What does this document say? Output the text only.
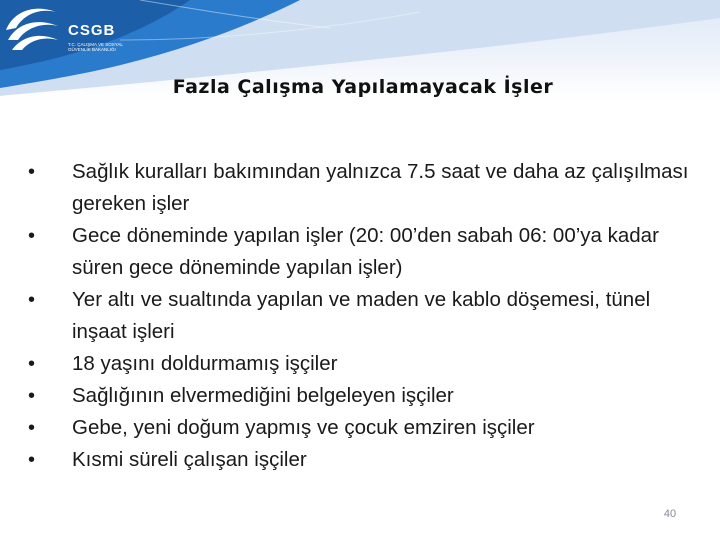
CSGB
T.C. ÇALIŞMA VE SOSYAL GÜVENLİK BAKANLIĞI
Fazla Çalışma Yapılamayacak İşler
• Sağlık kuralları bakımından yalnızca 7.5 saat ve daha az çalışılması gereken işler
• Gece döneminde yapılan işler (20: 00’den sabah 06: 00’ya kadar süren gece döneminde yapılan işler)
• Yer altı ve sualtında yapılan ve maden ve kablo döşemesi, tünel inşaat işleri
• 18 yaşını doldurmamış işçiler
• Sağlığının elvermediğini belgeleyen işçiler
• Gebe, yeni doğum yapmış ve çocuk emziren işçiler
• Kısmi süreli çalışan işçiler
40
